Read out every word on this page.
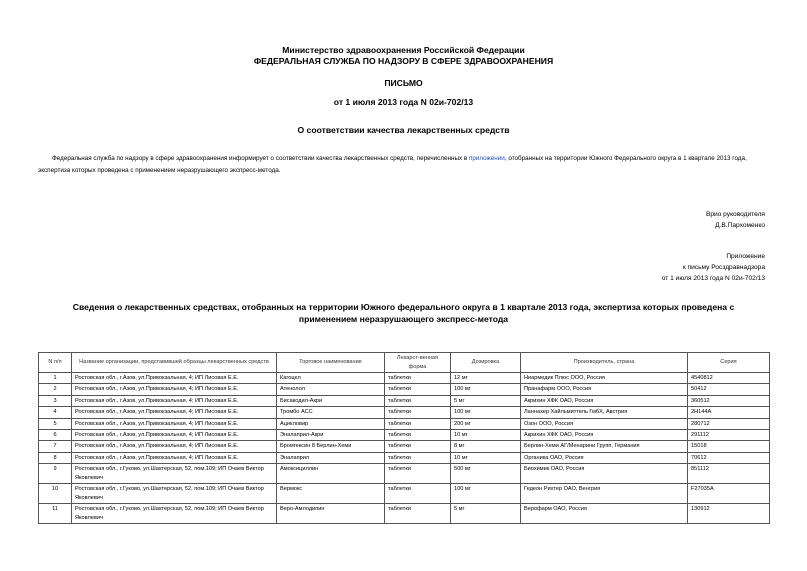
Министерство здравоохранения Российской Федерации
ФЕДЕРАЛЬНАЯ СЛУЖБА ПО НАДЗОРУ В СФЕРЕ ЗДРАВООХРАНЕНИЯ
ПИСЬМО
от 1 июля 2013 года N 02и-702/13
О соответствии качества лекарственных средств
Федеральная служба по надзору в сфере здравоохранения информирует о соответствии качества лекарственных средств, перечисленных в приложении, отобранных на территории Южного Федерального округа в 1 квартале 2013 года, экспертиза которых проведена с применением неразрушающего экспресс-метода.
Врио руководителя
Д.В.Пархоменко
Приложение
к письму Росздравнадзора
от 1 июля 2013 года N 02и-702/13
Сведения о лекарственных средствах, отобранных на территории Южного федерального округа в 1 квартале 2013 года, экспертиза которых проведена с применением неразрушающего экспресс-метода
N п/п	Название организации, представившей образцы лекарственных средств	Торговое наименование	Лекарст-венная форма	Дозировка	Производитель, страна	Серия
1	Ростовская обл., г.Азов, ул.Привокзальная, 4; ИП Лисовая Е.Е.	Кагоцел	таблетки	12 мг	Ниармедик Плюс ООО, Россия	4540812
2	Ростовская обл., г.Азов, ул.Привокзальная, 4; ИП Лисовая Е.Е.	Атенолол	таблетки	100 мг	Пранафарм ООО, Россия	50412
3	Ростовская обл., г.Азов, ул.Привокзальная, 4; ИП Лисовая Е.Е.	Бисакодил-Акри	таблетки	5 мг	Акрихин ХФК ОАО, Россия	360512
4	Ростовская обл., г.Азов, ул.Привокзальная, 4; ИП Лисовая Е.Е.	Тромбо АСС	таблетки	100 мг	Ланнахер Хайльмиттель ГмбХ, Австрия	2Н144А
5	Ростовская обл., г.Азов, ул.Привокзальная, 4; ИП Лисовая Е.Е.	Ацикловир	таблетки	200 мг	Озон ООО, Россия	280712
6	Ростовская обл., г.Азов, ул.Привокзальная, 4; ИП Лисовая Е.Е.	Эналаприл-Акри	таблетки	10 мг	Акрихин ХФК ОАО, Россия	291112
7	Ростовская обл., г.Азов, ул.Привокзальная, 4; ИП Лисовая Е.Е.	Бромгексин 8 Берлин-Хеми	таблетки	8 мг	Берлин-Хеми АГ/Менарини Групп, Германия	15018
8	Ростовская обл., г.Азов, ул.Привокзальная, 4; ИП Лисовая Е.Е.	Эналаприл	таблетки	10 мг	Органика ОАО, Россия	70612
9	Ростовская обл., г.Гуково, ул.Шахтерская, 52, пом.109; ИП Очаев Виктор Яковлевич	Амоксициллин	таблетки	500 мг	Биохимик ОАО, Россия	851112
10	Ростовская обл., г.Гуково, ул.Шахтерская, 52, пом.109; ИП Очаев Виктор Яковлевич	Вермокс	таблетки	100 мг	Гедеон Рихтер ОАО, Венгрия	F27035А
11	Ростовская обл., г.Гуково, ул.Шахтерская, 52, пом.109; ИП Очаев Виктор Яковлевич	Веро-Амлодипин	таблетки	5 мг	Верофарм ОАО, Россия	130912
